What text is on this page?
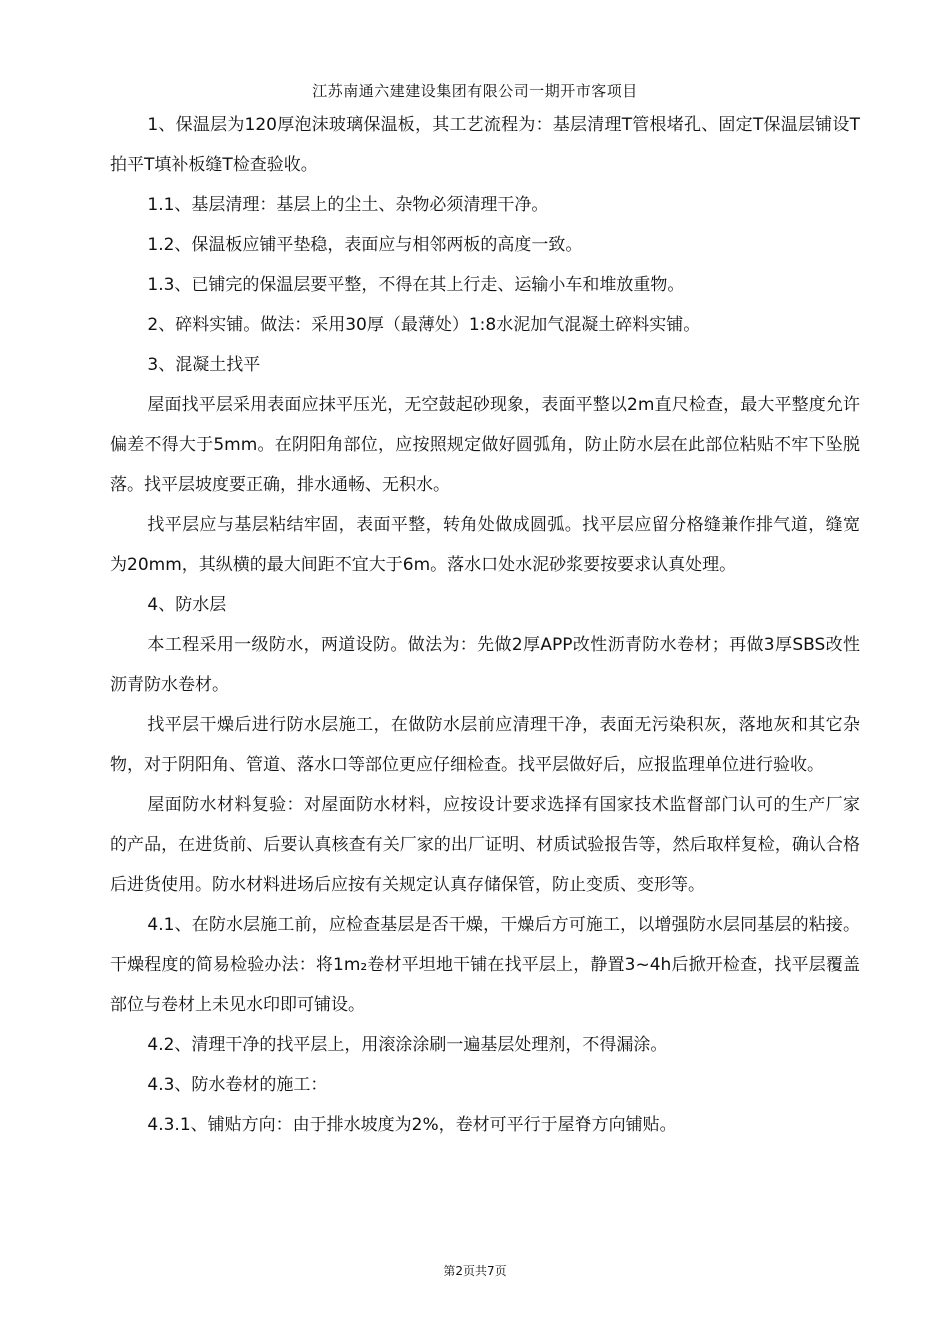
江苏南通六建建设集团有限公司一期开市客项目

1、保温层为120厚泡沫玻璃保温板，其工艺流程为：基层清理T管根堵孔、固定T保温层铺设T拍平T填补板缝T检查验收。

1.1、基层清理：基层上的尘土、杂物必须清理干净。

1.2、保温板应铺平垫稳，表面应与相邻两板的高度一致。

1.3、已铺完的保温层要平整，不得在其上行走、运输小车和堆放重物。

2、碎料实铺。做法：采用30厚（最薄处）1:8水泥加气混凝土碎料实铺。

3、混凝土找平

屋面找平层采用表面应抹平压光，无空鼓起砂现象，表面平整以2m直尺检查，最大平整度允许偏差不得大于5mm。在阴阳角部位，应按照规定做好圆弧角，防止防水层在此部位粘贴不牢下坠脱落。找平层坡度要正确，排水通畅、无积水。

找平层应与基层粘结牢固，表面平整，转角处做成圆弧。找平层应留分格缝兼作排气道，缝宽为20mm，其纵横的最大间距不宜大于6m。落水口处水泥砂浆要按要求认真处理。

4、防水层

本工程采用一级防水，两道设防。做法为：先做2厚APP改性沥青防水卷材；再做3厚SBS改性沥青防水卷材。

找平层干燥后进行防水层施工，在做防水层前应清理干净，表面无污染积灰，落地灰和其它杂物，对于阴阳角、管道、落水口等部位更应仔细检查。找平层做好后，应报监理单位进行验收。

屋面防水材料复验：对屋面防水材料，应按设计要求选择有国家技术监督部门认可的生产厂家的产品，在进货前、后要认真核查有关厂家的出厂证明、材质试验报告等，然后取样复检，确认合格后进货使用。防水材料进场后应按有关规定认真存储保管，防止变质、变形等。

4.1、在防水层施工前，应检查基层是否干燥，干燥后方可施工，以增强防水层同基层的粘接。干燥程度的简易检验办法：将1m₂卷材平坦地干铺在找平层上，静置3~4h后掀开检查，找平层覆盖部位与卷材上未见水印即可铺设。

4.2、清理干净的找平层上，用滚涂涂刷一遍基层处理剂，不得漏涂。

4.3、防水卷材的施工：

4.3.1、铺贴方向：由于排水坡度为2%，卷材可平行于屋脊方向铺贴。

第2页共7页
